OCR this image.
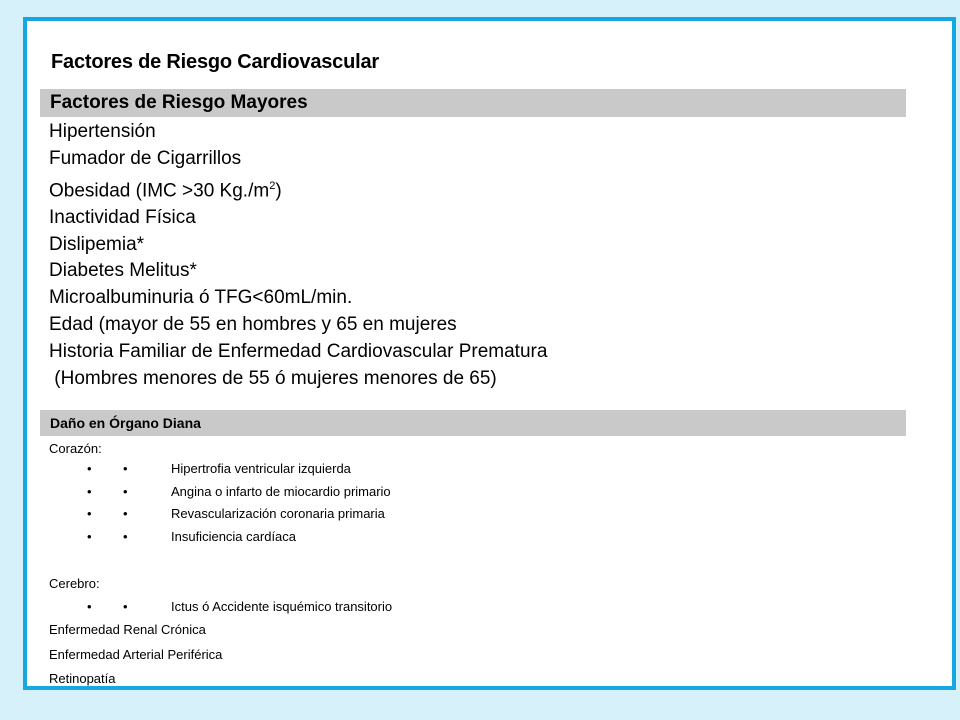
Factores de Riesgo Cardiovascular
Factores de Riesgo Mayores
Hipertensión
Fumador de Cigarrillos
Obesidad (IMC >30 $Kg./m^2$)
Inactividad Física
Dislipemia*
Diabetes Melitus*
Microalbuminuria ó TFG<60mL/min.
Edad (mayor de 55 en hombres y 65 en mujeres
Historia Familiar de Enfermedad Cardiovascular Prematura
(Hombres menores de 55 ó mujeres menores de 65)
Daño en Órgano Diana
Corazón:
• •	Hipertrofia ventricular izquierda
• •	Angina o infarto de miocardio primario
• •	Revascularización coronaria primaria
• •	Insuficiencia cardíaca
Cerebro:
• •	Ictus ó Accidente isquémico transitorio
Enfermedad Renal Crónica
Enfermedad Arterial Periférica
Retinopatía
